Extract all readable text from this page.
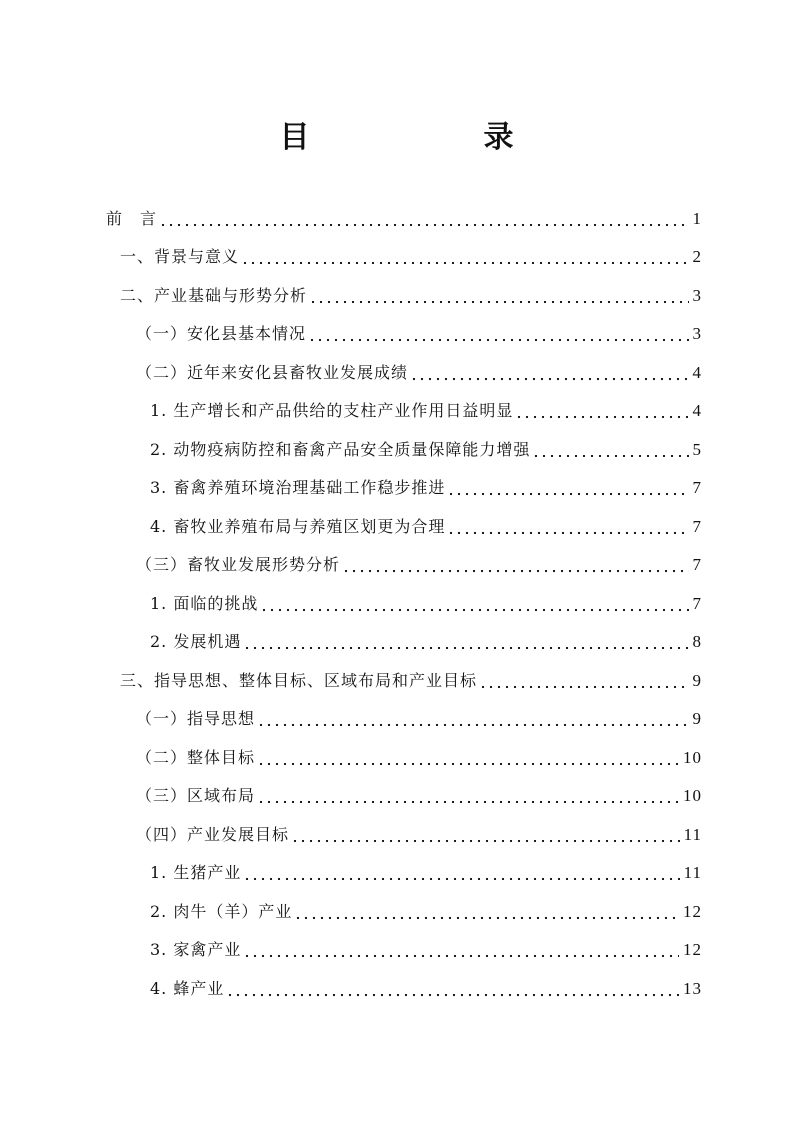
目　　录
前　言	1
一、背景与意义	2
二、产业基础与形势分析	3
（一）安化县基本情况	3
（二）近年来安化县畜牧业发展成绩	4
1. 生产增长和产品供给的支柱产业作用日益明显	4
2. 动物疫病防控和畜禽产品安全质量保障能力增强	5
3. 畜禽养殖环境治理基础工作稳步推进	7
4. 畜牧业养殖布局与养殖区划更为合理	7
（三）畜牧业发展形势分析	7
1. 面临的挑战	7
2. 发展机遇	8
三、指导思想、整体目标、区域布局和产业目标	9
（一）指导思想	9
（二）整体目标	10
（三）区域布局	10
（四）产业发展目标	11
1. 生猪产业	11
2. 肉牛（羊）产业	12
3. 家禽产业	12
4. 蜂产业	13
